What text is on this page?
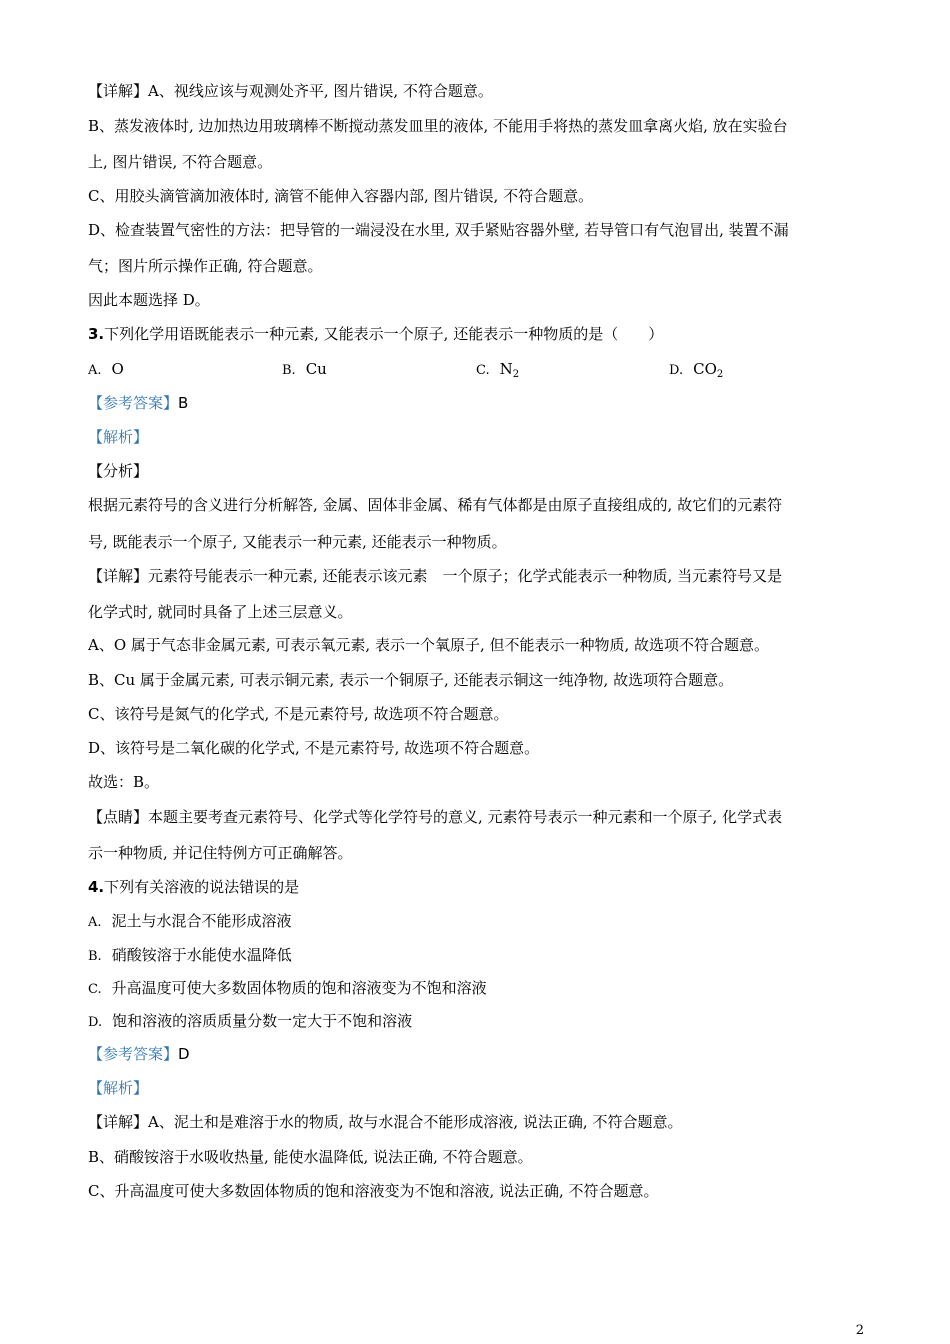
【详解】A、视线应该与观测处齐平, 图片错误, 不符合题意。
B、蒸发液体时, 边加热边用玻璃棒不断搅动蒸发皿里的液体, 不能用手将热的蒸发皿拿离火焰, 放在实验台
上, 图片错误, 不符合题意。
C、用胶头滴管滴加液体时, 滴管不能伸入容器内部, 图片错误, 不符合题意。
D、检查装置气密性的方法：把导管的一端浸没在水里, 双手紧贴容器外壁, 若导管口有气泡冒出, 装置不漏
气；图片所示操作正确, 符合题意。
因此本题选择 D。
3.下列化学用语既能表示一种元素, 又能表示一个原子, 还能表示一种物质的是（　　）
A. O	B. Cu	C. $N_2$	D. $CO_2$
【参考答案】B
【解析】
【分析】
根据元素符号的含义进行分析解答, 金属、固体非金属、稀有气体都是由原子直接组成的, 故它们的元素符
号, 既能表示一个原子, 又能表示一种元素, 还能表示一种物质。
【详解】元素符号能表示一种元素, 还能表示该元素　一个原子；化学式能表示一种物质, 当元素符号又是
化学式时, 就同时具备了上述三层意义。
A、O 属于气态非金属元素, 可表示氧元素, 表示一个氧原子, 但不能表示一种物质, 故选项不符合题意。
B、Cu 属于金属元素, 可表示铜元素, 表示一个铜原子, 还能表示铜这一纯净物, 故选项符合题意。
C、该符号是氮气的化学式, 不是元素符号, 故选项不符合题意。
D、该符号是二氧化碳的化学式, 不是元素符号, 故选项不符合题意。
故选：B。
【点睛】本题主要考查元素符号、化学式等化学符号的意义, 元素符号表示一种元素和一个原子, 化学式表
示一种物质, 并记住特例方可正确解答。
4.下列有关溶液的说法错误的是
A. 泥土与水混合不能形成溶液
B. 硝酸铵溶于水能使水温降低
C. 升高温度可使大多数固体物质的饱和溶液变为不饱和溶液
D. 饱和溶液的溶质质量分数一定大于不饱和溶液
【参考答案】D
【解析】
【详解】A、泥土和是难溶于水的物质, 故与水混合不能形成溶液, 说法正确, 不符合题意。
B、硝酸铵溶于水吸收热量, 能使水温降低, 说法正确, 不符合题意。
C、升高温度可使大多数固体物质的饱和溶液变为不饱和溶液, 说法正确, 不符合题意。
2
